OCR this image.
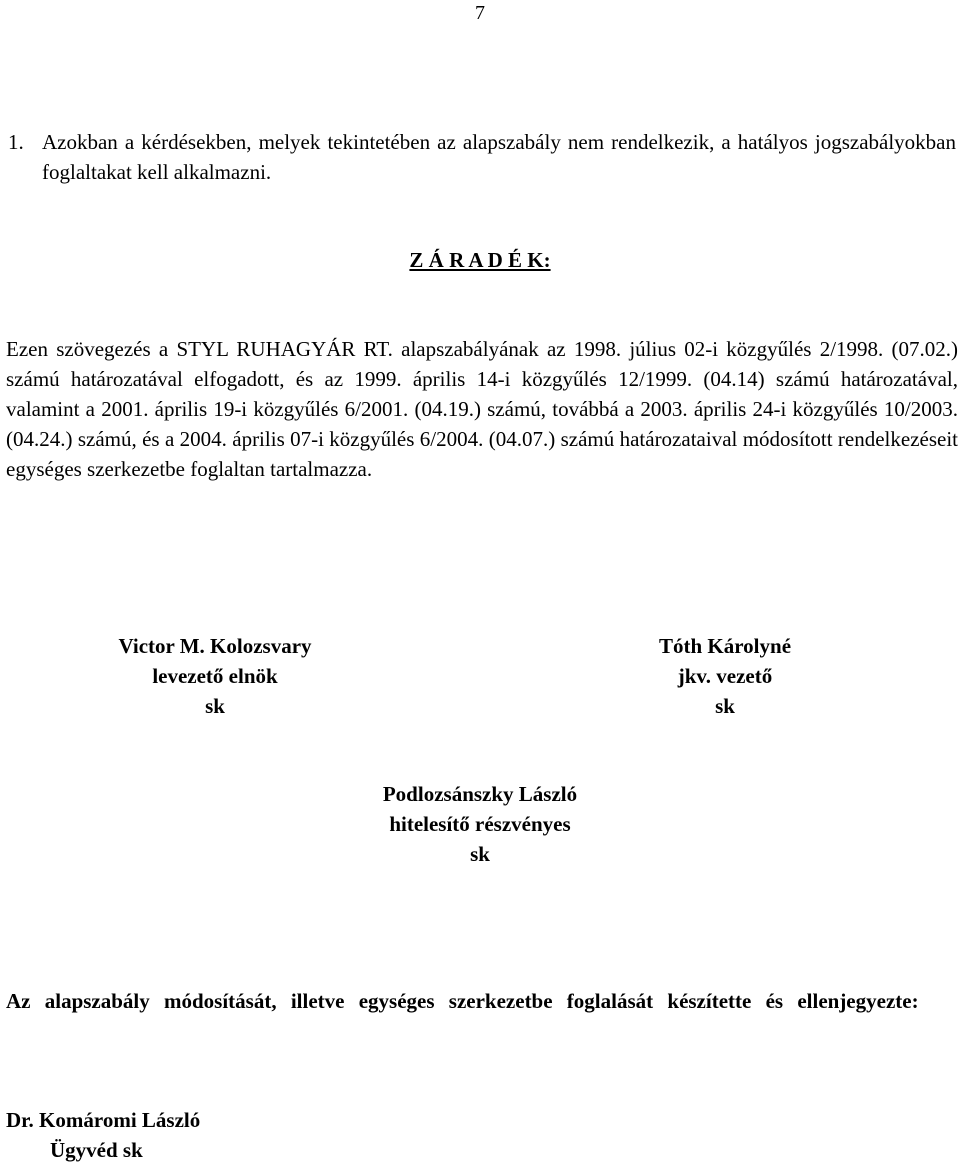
7
1. Azokban a kérdésekben, melyek tekintetében az alapszabály nem rendelkezik, a hatályos jogszabályokban foglaltakat kell alkalmazni.
Z Á R A D É K:
Ezen szövegezés a STYL RUHAGYÁR RT. alapszabályának az 1998. július 02-i közgyűlés 2/1998. (07.02.) számú határozatával elfogadott, és az 1999. április 14-i közgyűlés 12/1999. (04.14) számú határozatával, valamint a 2001. április 19-i közgyűlés 6/2001. (04.19.) számú, továbbá a 2003. április 24-i közgyűlés 10/2003. (04.24.) számú, és a 2004. április 07-i közgyűlés 6/2004. (04.07.) számú határozataival módosított rendelkezéseit egységes szerkezetbe foglaltan tartalmazza.
Victor M. Kolozsvary
levezető elnök
sk
Tóth Károlyné
jkv. vezető
sk
Podlozsánszky László
hitelesítő részvényes
sk
Az alapszabály módosítását, illetve egységes szerkezetbe foglalását készítette és ellenjegyezte:
Dr. Komáromi László
Ügyvéd sk
